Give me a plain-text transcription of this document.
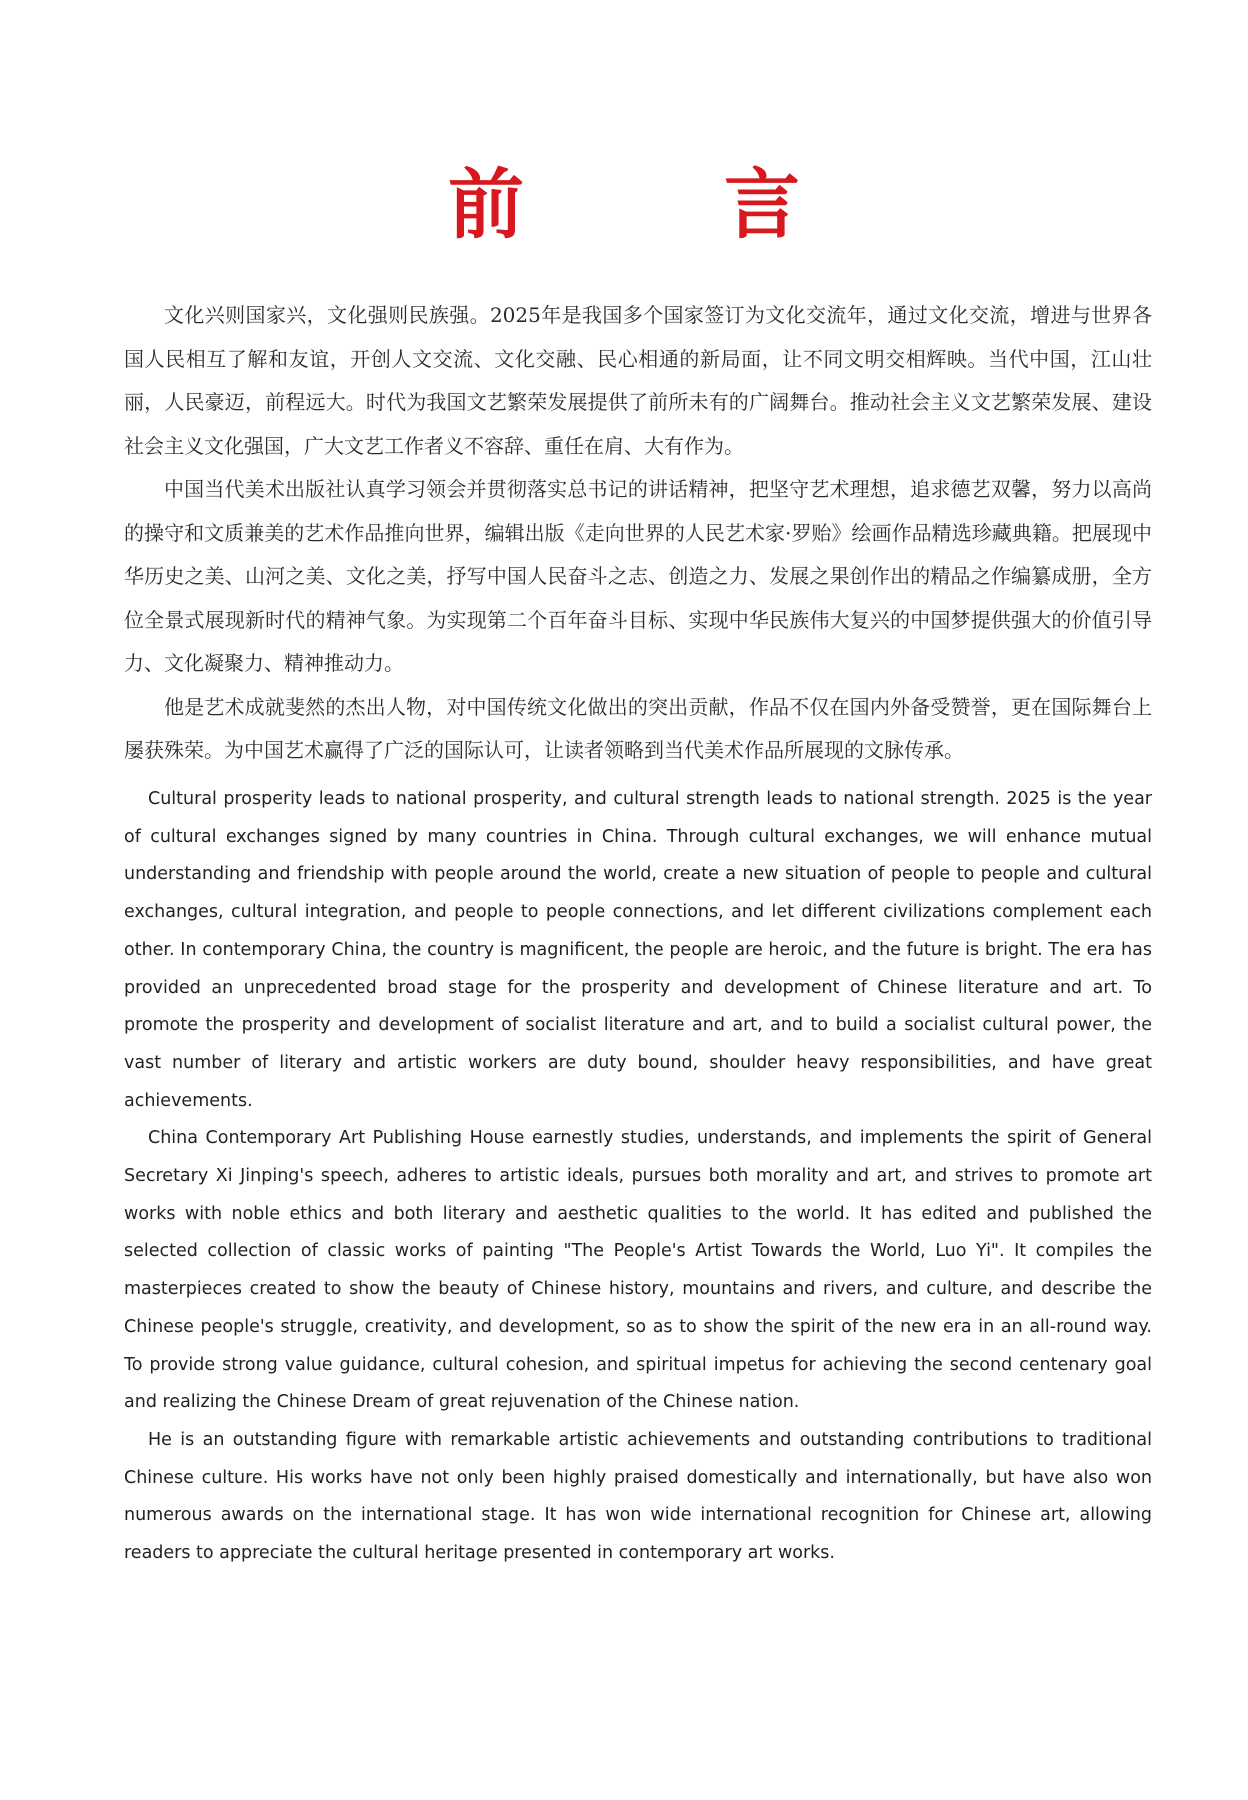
前　言

文化兴则国家兴，文化强则民族强。2025年是我国多个国家签订为文化交流年，通过文化交流，增进与世界各国人民相互了解和友谊，开创人文交流、文化交融、民心相通的新局面，让不同文明交相辉映。当代中国，江山壮丽，人民豪迈，前程远大。时代为我国文艺繁荣发展提供了前所未有的广阔舞台。推动社会主义文艺繁荣发展、建设社会主义文化强国，广大文艺工作者义不容辞、重任在肩、大有作为。

中国当代美术出版社认真学习领会并贯彻落实总书记的讲话精神，把坚守艺术理想，追求德艺双馨，努力以高尚的操守和文质兼美的艺术作品推向世界，编辑出版《走向世界的人民艺术家·罗贻》绘画作品精选珍藏典籍。把展现中华历史之美、山河之美、文化之美，抒写中国人民奋斗之志、创造之力、发展之果创作出的精品之作编纂成册，全方位全景式展现新时代的精神气象。为实现第二个百年奋斗目标、实现中华民族伟大复兴的中国梦提供强大的价值引导力、文化凝聚力、精神推动力。

他是艺术成就斐然的杰出人物，对中国传统文化做出的突出贡献，作品不仅在国内外备受赞誉，更在国际舞台上屡获殊荣。为中国艺术赢得了广泛的国际认可，让读者领略到当代美术作品所展现的文脉传承。

Cultural prosperity leads to national prosperity, and cultural strength leads to national strength. 2025 is the year of cultural exchanges signed by many countries in China. Through cultural exchanges, we will enhance mutual understanding and friendship with people around the world, create a new situation of people to people and cultural exchanges, cultural integration, and people to people connections, and let different civilizations complement each other. In contemporary China, the country is magnificent, the people are heroic, and the future is bright. The era has provided an unprecedented broad stage for the prosperity and development of Chinese literature and art. To promote the prosperity and development of socialist literature and art, and to build a socialist cultural power, the vast number of literary and artistic workers are duty bound, shoulder heavy responsibilities, and have great achievements.

China Contemporary Art Publishing House earnestly studies, understands, and implements the spirit of General Secretary Xi Jinping's speech, adheres to artistic ideals, pursues both morality and art, and strives to promote art works with noble ethics and both literary and aesthetic qualities to the world. It has edited and published the selected collection of classic works of painting "The People's Artist Towards the World, Luo Yi". It compiles the masterpieces created to show the beauty of Chinese history, mountains and rivers, and culture, and describe the Chinese people's struggle, creativity, and development, so as to show the spirit of the new era in an all-round way. To provide strong value guidance, cultural cohesion, and spiritual impetus for achieving the second centenary goal and realizing the Chinese Dream of great rejuvenation of the Chinese nation.

He is an outstanding figure with remarkable artistic achievements and outstanding contributions to traditional Chinese culture. His works have not only been highly praised domestically and internationally, but have also won numerous awards on the international stage. It has won wide international recognition for Chinese art, allowing readers to appreciate the cultural heritage presented in contemporary art works.
